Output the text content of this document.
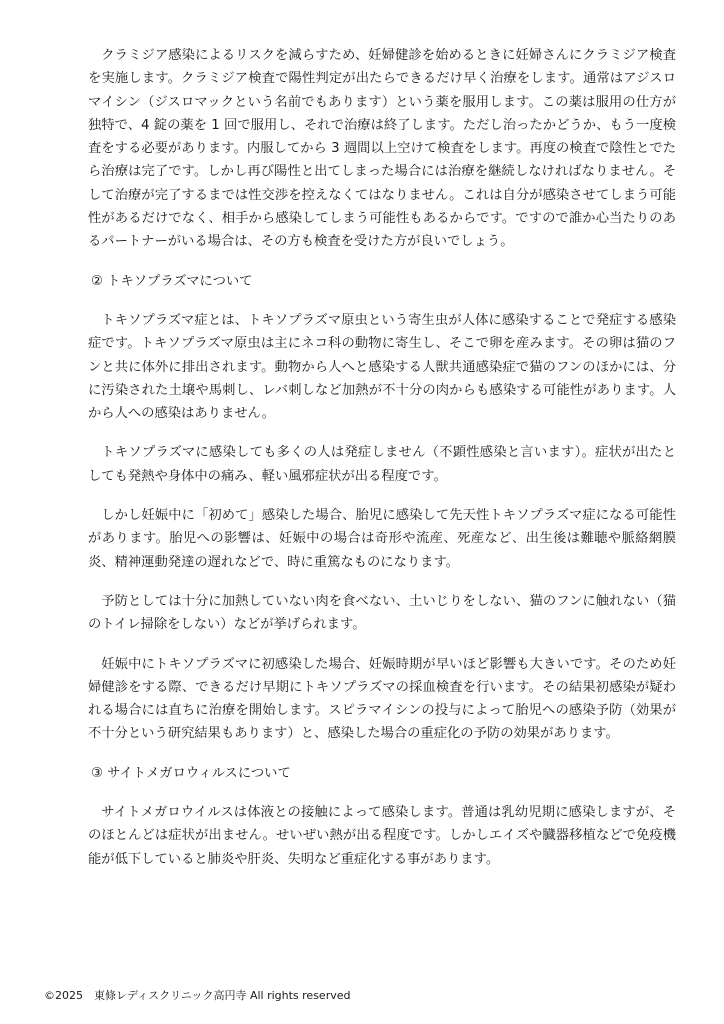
クラミジア感染によるリスクを減らすため、妊婦健診を始めるときに妊婦さんにクラミジア検査を実施します。クラミジア検査で陽性判定が出たらできるだけ早く治療をします。通常はアジスロマイシン（ジスロマックという名前でもあります）という薬を服用します。この薬は服用の仕方が独特で、4 錠の薬を 1 回で服用し、それで治療は終了します。ただし治ったかどうか、もう一度検査をする必要があります。内服してから 3 週間以上空けて検査をします。再度の検査で陰性とでたら治療は完了です。しかし再び陽性と出てしまった場合には治療を継続しなければなりません。そして治療が完了するまでは性交渉を控えなくてはなりません。これは自分が感染させてしまう可能性があるだけでなく、相手から感染してしまう可能性もあるからです。ですので誰か心当たりのあるパートナーがいる場合は、その方も検査を受けた方が良いでしょう。

② トキソプラズマについて

トキソプラズマ症とは、トキソプラズマ原虫という寄生虫が人体に感染することで発症する感染症です。トキソプラズマ原虫は主にネコ科の動物に寄生し、そこで卵を産みます。その卵は猫のフンと共に体外に排出されます。動物から人へと感染する人獣共通感染症で猫のフンのほかには、分に汚染された土壌や馬刺し、レバ刺しなど加熱が不十分の肉からも感染する可能性があります。人から人への感染はありません。

トキソプラズマに感染しても多くの人は発症しません（不顕性感染と言います）。症状が出たとしても発熱や身体中の痛み、軽い風邪症状が出る程度です。

しかし妊娠中に「初めて」感染した場合、胎児に感染して先天性トキソプラズマ症になる可能性があります。胎児への影響は、妊娠中の場合は奇形や流産、死産など、出生後は難聴や脈絡網膜炎、精神運動発達の遅れなどで、時に重篤なものになります。

予防としては十分に加熱していない肉を食べない、土いじりをしない、猫のフンに触れない（猫のトイレ掃除をしない）などが挙げられます。

妊娠中にトキソプラズマに初感染した場合、妊娠時期が早いほど影響も大きいです。そのため妊婦健診をする際、できるだけ早期にトキソプラズマの採血検査を行います。その結果初感染が疑われる場合には直ちに治療を開始します。スピラマイシンの投与によって胎児への感染予防（効果が不十分という研究結果もあります）と、感染した場合の重症化の予防の効果があります。

③ サイトメガロウィルスについて

サイトメガロウイルスは体液との接触によって感染します。普通は乳幼児期に感染しますが、そのほとんどは症状が出ません。せいぜい熱が出る程度です。しかしエイズや臓器移植などで免疫機能が低下していると肺炎や肝炎、失明など重症化する事があります。

©2025　東條レディスクリニック高円寺 All rights reserved
